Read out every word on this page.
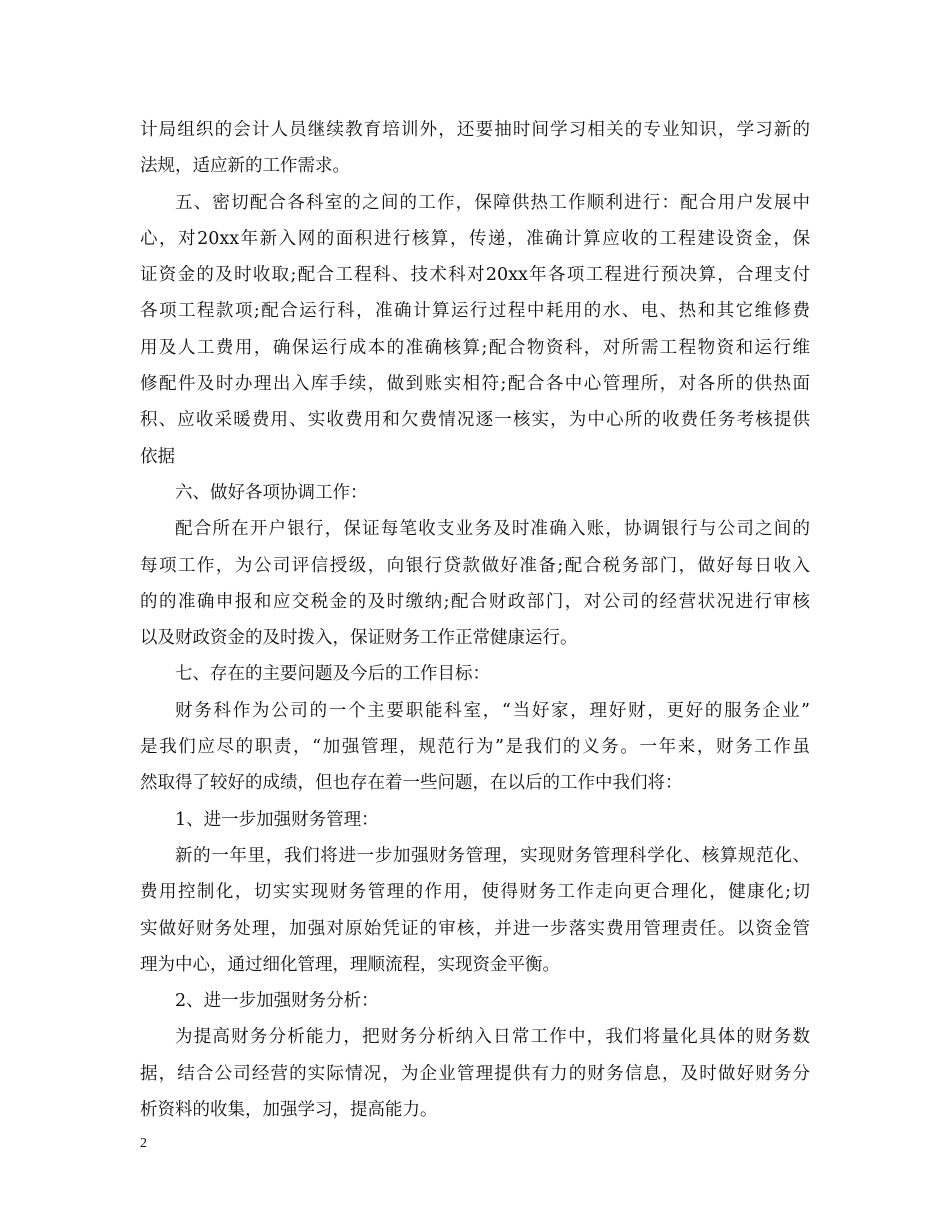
计局组织的会计人员继续教育培训外，还要抽时间学习相关的专业知识，学习新的
法规，适应新的工作需求。
五、密切配合各科室的之间的工作，保障供热工作顺利进行：配合用户发展中
心，对20xx年新入网的面积进行核算，传递，准确计算应收的工程建设资金，保
证资金的及时收取;配合工程科、技术科对20xx年各项工程进行预决算，合理支付
各项工程款项;配合运行科，准确计算运行过程中耗用的水、电、热和其它维修费
用及人工费用，确保运行成本的准确核算;配合物资科，对所需工程物资和运行维
修配件及时办理出入库手续，做到账实相符;配合各中心管理所，对各所的供热面
积、应收采暖费用、实收费用和欠费情况逐一核实，为中心所的收费任务考核提供
依据
六、做好各项协调工作：
配合所在开户银行，保证每笔收支业务及时准确入账，协调银行与公司之间的
每项工作，为公司评信授级，向银行贷款做好准备;配合税务部门，做好每日收入
的的准确申报和应交税金的及时缴纳;配合财政部门，对公司的经营状况进行审核
以及财政资金的及时拨入，保证财务工作正常健康运行。
七、存在的主要问题及今后的工作目标：
财务科作为公司的一个主要职能科室，“当好家，理好财，更好的服务企业”
是我们应尽的职责，“加强管理，规范行为”是我们的义务。一年来，财务工作虽
然取得了较好的成绩，但也存在着一些问题，在以后的工作中我们将：
1、进一步加强财务管理：
新的一年里，我们将进一步加强财务管理，实现财务管理科学化、核算规范化、
费用控制化，切实实现财务管理的作用，使得财务工作走向更合理化，健康化;切
实做好财务处理，加强对原始凭证的审核，并进一步落实费用管理责任。以资金管
理为中心，通过细化管理，理顺流程，实现资金平衡。
2、进一步加强财务分析：
为提高财务分析能力，把财务分析纳入日常工作中，我们将量化具体的财务数
据，结合公司经营的实际情况，为企业管理提供有力的财务信息，及时做好财务分
析资料的收集，加强学习，提高能力。
2
